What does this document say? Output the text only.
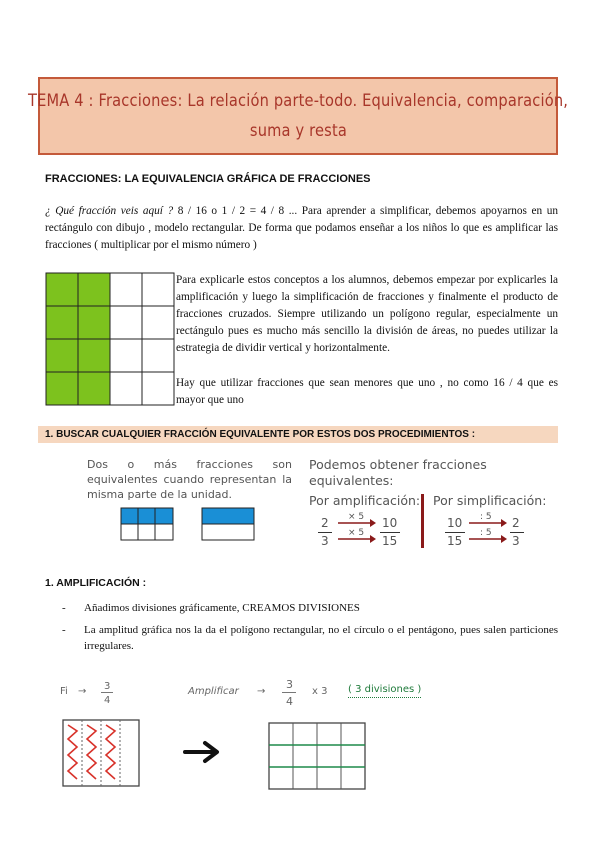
TEMA 4 : Fracciones: La relación parte-todo. Equivalencia, comparación,
suma y resta
FRACCIONES: LA EQUIVALENCIA GRÁFICA DE FRACCIONES
¿ Qué fracción veis aquí ? 8 / 16 o 1 / 2 = 4 / 8 ... Para aprender a simplificar, debemos apoyarnos en un rectángulo con dibujo , modelo rectangular. De forma que podamos enseñar a los niños lo que es amplificar las fracciones ( multiplicar por el mismo número )
Para explicarle estos conceptos a los alumnos, debemos empezar por explicarles la amplificación y luego la simplificación de fracciones y finalmente el producto de fracciones cruzados. Siempre utilizando un polígono regular, especialmente un rectángulo pues es mucho más sencillo la división de áreas, no puedes utilizar la estrategia de dividir vertical y horizontalmente.
Hay que utilizar fracciones que sean menores que uno , no como 16 / 4 que es mayor que uno
1. BUSCAR CUALQUIER FRACCIÓN EQUIVALENTE POR ESTOS DOS PROCEDIMIENTOS :
Dos o más fracciones son equivalentes cuando representan la misma parte de la unidad.
Podemos obtener fracciones equivalentes:
Por amplificación: Por simplificación:
2
3
× 5
× 5
10
15
10
15
: 5
: 5
2
3
1. AMPLIFICACIÓN :
- Añadimos divisiones gráficamente, CREAMOS DIVISIONES
- La amplitud gráfica nos la da el polígono rectangular, no el círculo o el pentágono, pues salen particiones irregulares.
Fi → 3
4
Amplificar →
3
4
x 3 ( 3 divisiones )
